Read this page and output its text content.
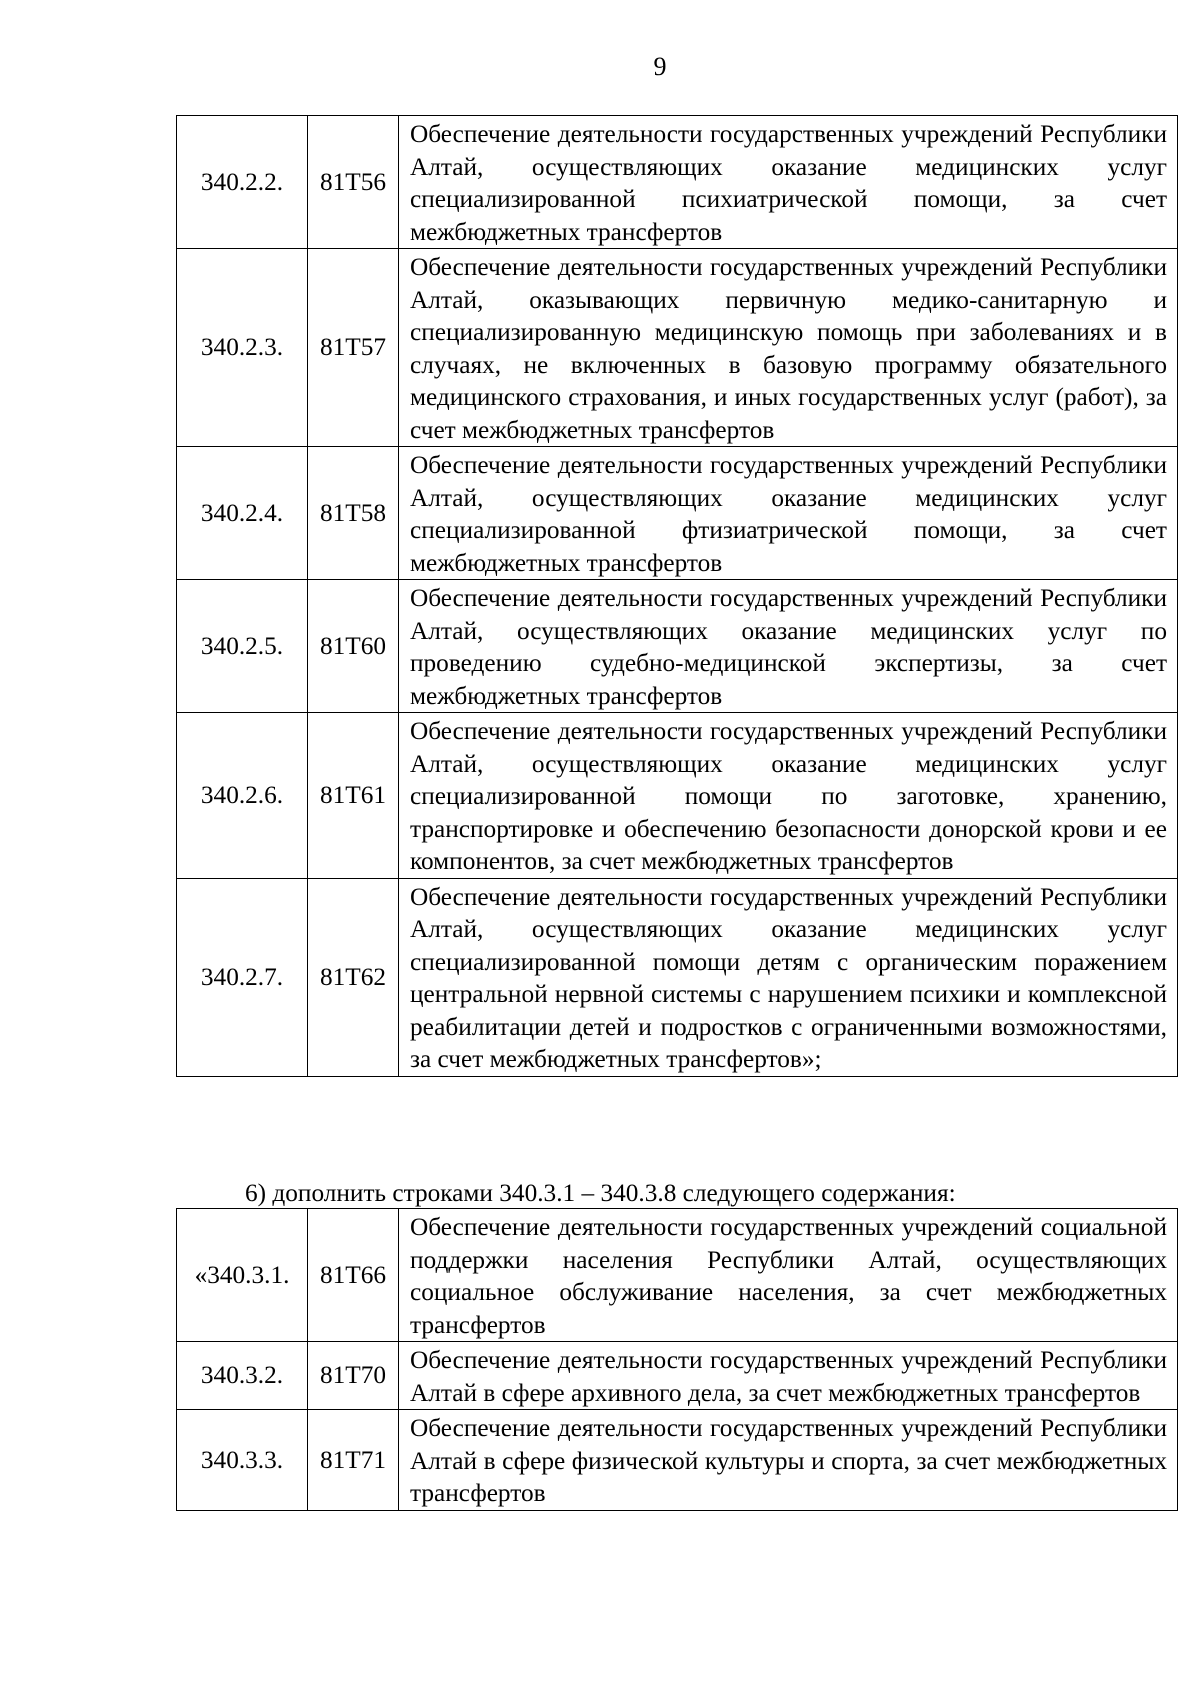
9
340.2.2.	81Т56	Обеспечение деятельности государственных учреждений Республики Алтай, осуществляющих оказание медицинских услуг специализированной психиатрической помощи, за счет межбюджетных трансфертов
340.2.3.	81Т57	Обеспечение деятельности государственных учреждений Республики Алтай, оказывающих первичную медико-санитарную и специализированную медицинскую помощь при заболеваниях и в случаях, не включенных в базовую программу обязательного медицинского страхования, и иных государственных услуг (работ), за счет межбюджетных трансфертов
340.2.4.	81Т58	Обеспечение деятельности государственных учреждений Республики Алтай, осуществляющих оказание медицинских услуг специализированной фтизиатрической помощи, за счет межбюджетных трансфертов
340.2.5.	81Т60	Обеспечение деятельности государственных учреждений Республики Алтай, осуществляющих оказание медицинских услуг по проведению судебно-медицинской экспертизы, за счет межбюджетных трансфертов
340.2.6.	81Т61	Обеспечение деятельности государственных учреждений Республики Алтай, осуществляющих оказание медицинских услуг специализированной помощи по заготовке, хранению, транспортировке и обеспечению безопасности донорской крови и ее компонентов, за счет межбюджетных трансфертов
340.2.7.	81Т62	Обеспечение деятельности государственных учреждений Республики Алтай, осуществляющих оказание медицинских услуг специализированной помощи детям с органическим поражением центральной нервной системы с нарушением психики и комплексной реабилитации детей и подростков с ограниченными возможностями, за счет межбюджетных трансфертов»;
6) дополнить строками 340.3.1 – 340.3.8 следующего содержания:
«340.3.1.	81Т66	Обеспечение деятельности государственных учреждений социальной поддержки населения Республики Алтай, осуществляющих социальное обслуживание населения, за счет межбюджетных трансфертов
340.3.2.	81Т70	Обеспечение деятельности государственных учреждений Республики Алтай в сфере архивного дела, за счет межбюджетных трансфертов
340.3.3.	81Т71	Обеспечение деятельности государственных учреждений Республики Алтай в сфере физической культуры и спорта, за счет межбюджетных трансфертов
